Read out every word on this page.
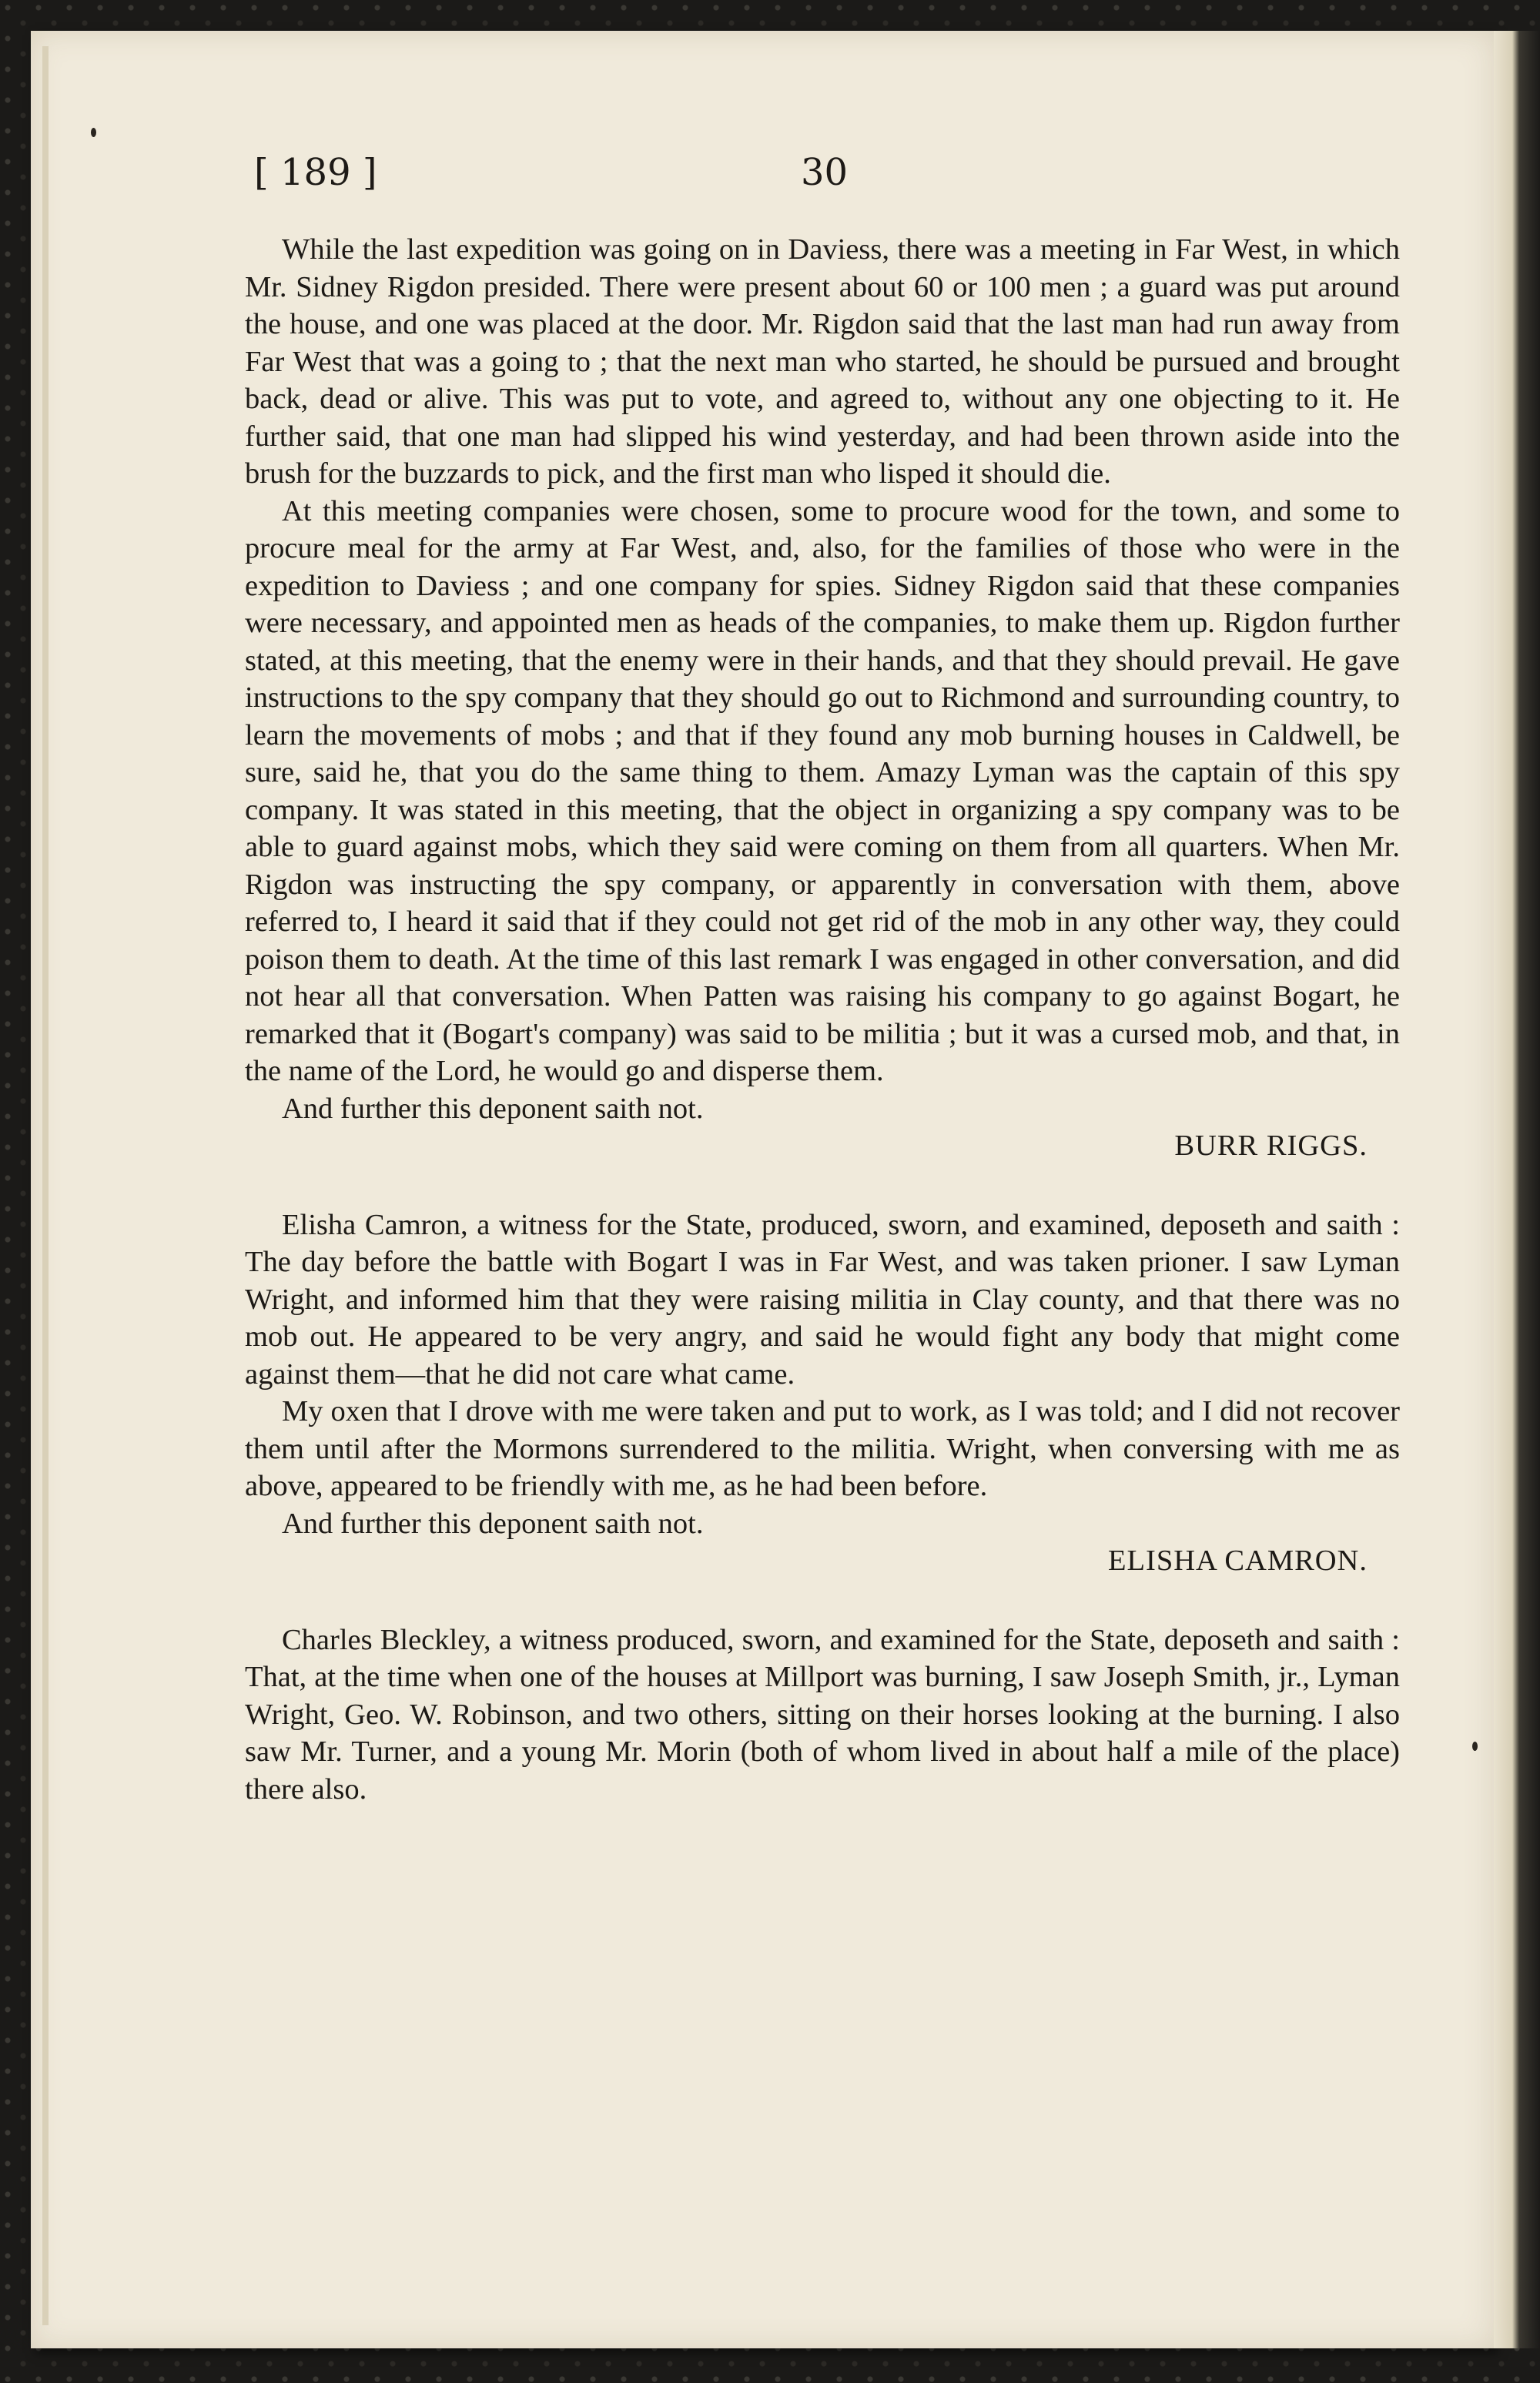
[ 189 ]	30

While the last expedition was going on in Daviess, there was a meeting in Far West, in which Mr. Sidney Rigdon presided. There were present about 60 or 100 men ; a guard was put around the house, and one was placed at the door. Mr. Rigdon said that the last man had run away from Far West that was a going to ; that the next man who started, he should be pursued and brought back, dead or alive. This was put to vote, and agreed to, without any one objecting to it. He further said, that one man had slipped his wind yesterday, and had been thrown aside into the brush for the buzzards to pick, and the first man who lisped it should die.

At this meeting companies were chosen, some to procure wood for the town, and some to procure meal for the army at Far West, and, also, for the families of those who were in the expedition to Daviess ; and one company for spies. Sidney Rigdon said that these companies were necessary, and appointed men as heads of the companies, to make them up. Rigdon further stated, at this meeting, that the enemy were in their hands, and that they should prevail. He gave instructions to the spy company that they should go out to Richmond and surrounding country, to learn the movements of mobs ; and that if they found any mob burning houses in Caldwell, be sure, said he, that you do the same thing to them. Amazy Lyman was the captain of this spy company. It was stated in this meeting, that the object in organizing a spy company was to be able to guard against mobs, which they said were coming on them from all quarters. When Mr. Rigdon was instructing the spy company, or apparently in conversation with them, above referred to, I heard it said that if they could not get rid of the mob in any other way, they could poison them to death. At the time of this last remark I was engaged in other conversation, and did not hear all that conversation. When Patten was raising his company to go against Bogart, he remarked that it (Bogart's company) was said to be militia ; but it was a cursed mob, and that, in the name of the Lord, he would go and disperse them.

And further this deponent saith not.

BURR RIGGS.

Elisha Camron, a witness for the State, produced, sworn, and examined, deposeth and saith : The day before the battle with Bogart I was in Far West, and was taken prioner. I saw Lyman Wright, and informed him that they were raising militia in Clay county, and that there was no mob out. He appeared to be very angry, and said he would fight any body that might come against them—that he did not care what came.

My oxen that I drove with me were taken and put to work, as I was told; and I did not recover them until after the Mormons surrendered to the militia. Wright, when conversing with me as above, appeared to be friendly with me, as he had been before.

And further this deponent saith not.

ELISHA CAMRON.

Charles Bleckley, a witness produced, sworn, and examined for the State, deposeth and saith : That, at the time when one of the houses at Millport was burning, I saw Joseph Smith, jr., Lyman Wright, Geo. W. Robinson, and two others, sitting on their horses looking at the burning. I also saw Mr. Turner, and a young Mr. Morin (both of whom lived in about half a mile of the place) there also.
